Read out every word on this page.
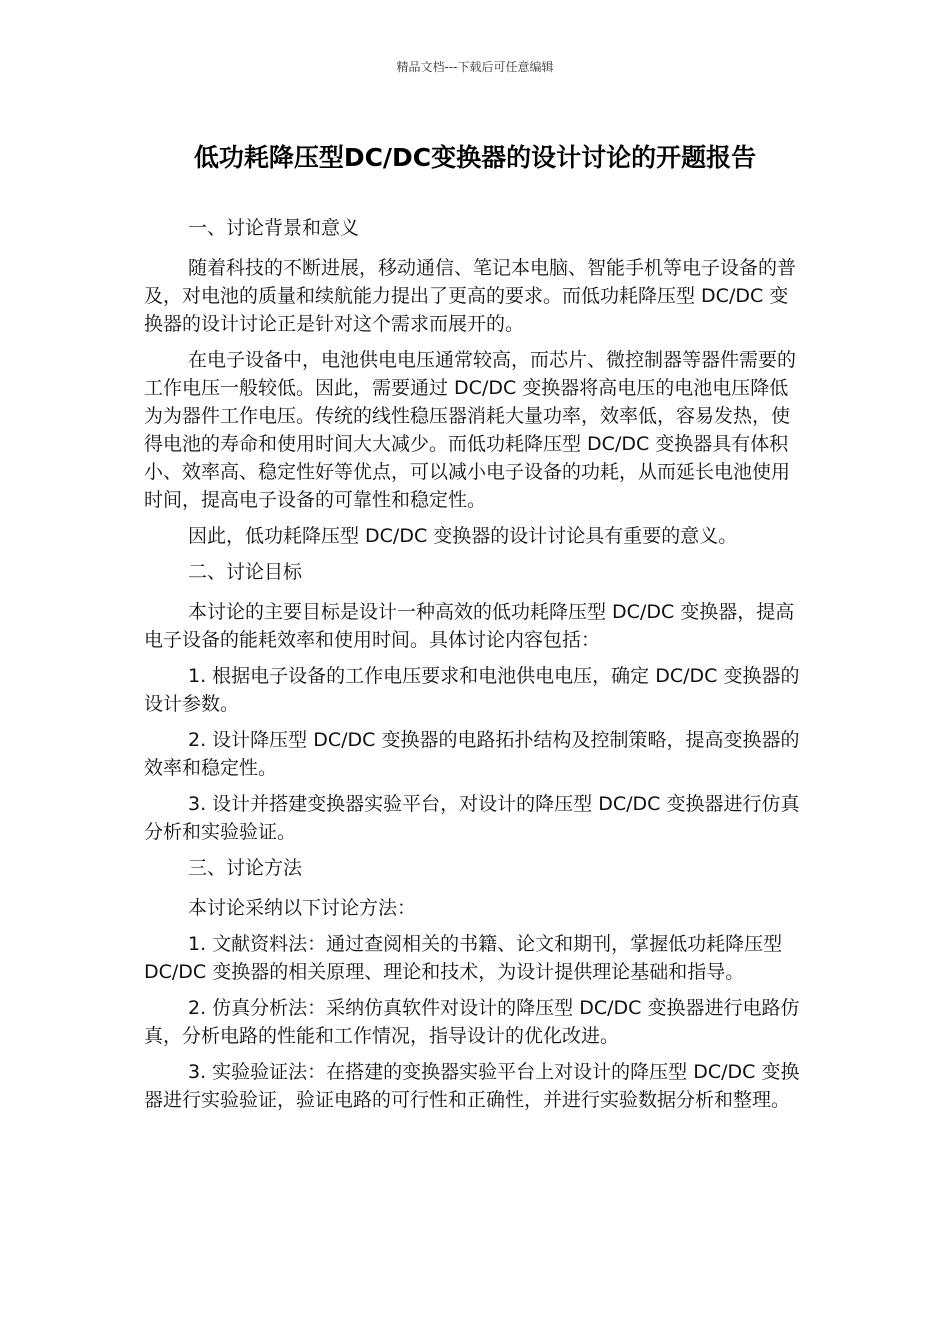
精品文档---下载后可任意编辑
低功耗降压型DC/DC变换器的设计讨论的开题报告

一、讨论背景和意义

随着科技的不断进展，移动通信、笔记本电脑、智能手机等电子设备的普及，对电池的质量和续航能力提出了更高的要求。而低功耗降压型 DC/DC 变换器的设计讨论正是针对这个需求而展开的。

在电子设备中，电池供电电压通常较高，而芯片、微控制器等器件需要的工作电压一般较低。因此，需要通过 DC/DC 变换器将高电压的电池电压降低为为器件工作电压。传统的线性稳压器消耗大量功率，效率低，容易发热，使得电池的寿命和使用时间大大减少。而低功耗降压型 DC/DC 变换器具有体积小、效率高、稳定性好等优点，可以减小电子设备的功耗，从而延长电池使用时间，提高电子设备的可靠性和稳定性。

因此，低功耗降压型 DC/DC 变换器的设计讨论具有重要的意义。

二、讨论目标

本讨论的主要目标是设计一种高效的低功耗降压型 DC/DC 变换器，提高电子设备的能耗效率和使用时间。具体讨论内容包括：

1. 根据电子设备的工作电压要求和电池供电电压，确定 DC/DC 变换器的设计参数。

2. 设计降压型 DC/DC 变换器的电路拓扑结构及控制策略，提高变换器的效率和稳定性。

3. 设计并搭建变换器实验平台，对设计的降压型 DC/DC 变换器进行仿真分析和实验验证。

三、讨论方法

本讨论采纳以下讨论方法：

1. 文献资料法：通过查阅相关的书籍、论文和期刊，掌握低功耗降压型 DC/DC 变换器的相关原理、理论和技术，为设计提供理论基础和指导。

2. 仿真分析法：采纳仿真软件对设计的降压型 DC/DC 变换器进行电路仿真，分析电路的性能和工作情况，指导设计的优化改进。

3. 实验验证法：在搭建的变换器实验平台上对设计的降压型 DC/DC 变换器进行实验验证，验证电路的可行性和正确性，并进行实验数据分析和整理。
